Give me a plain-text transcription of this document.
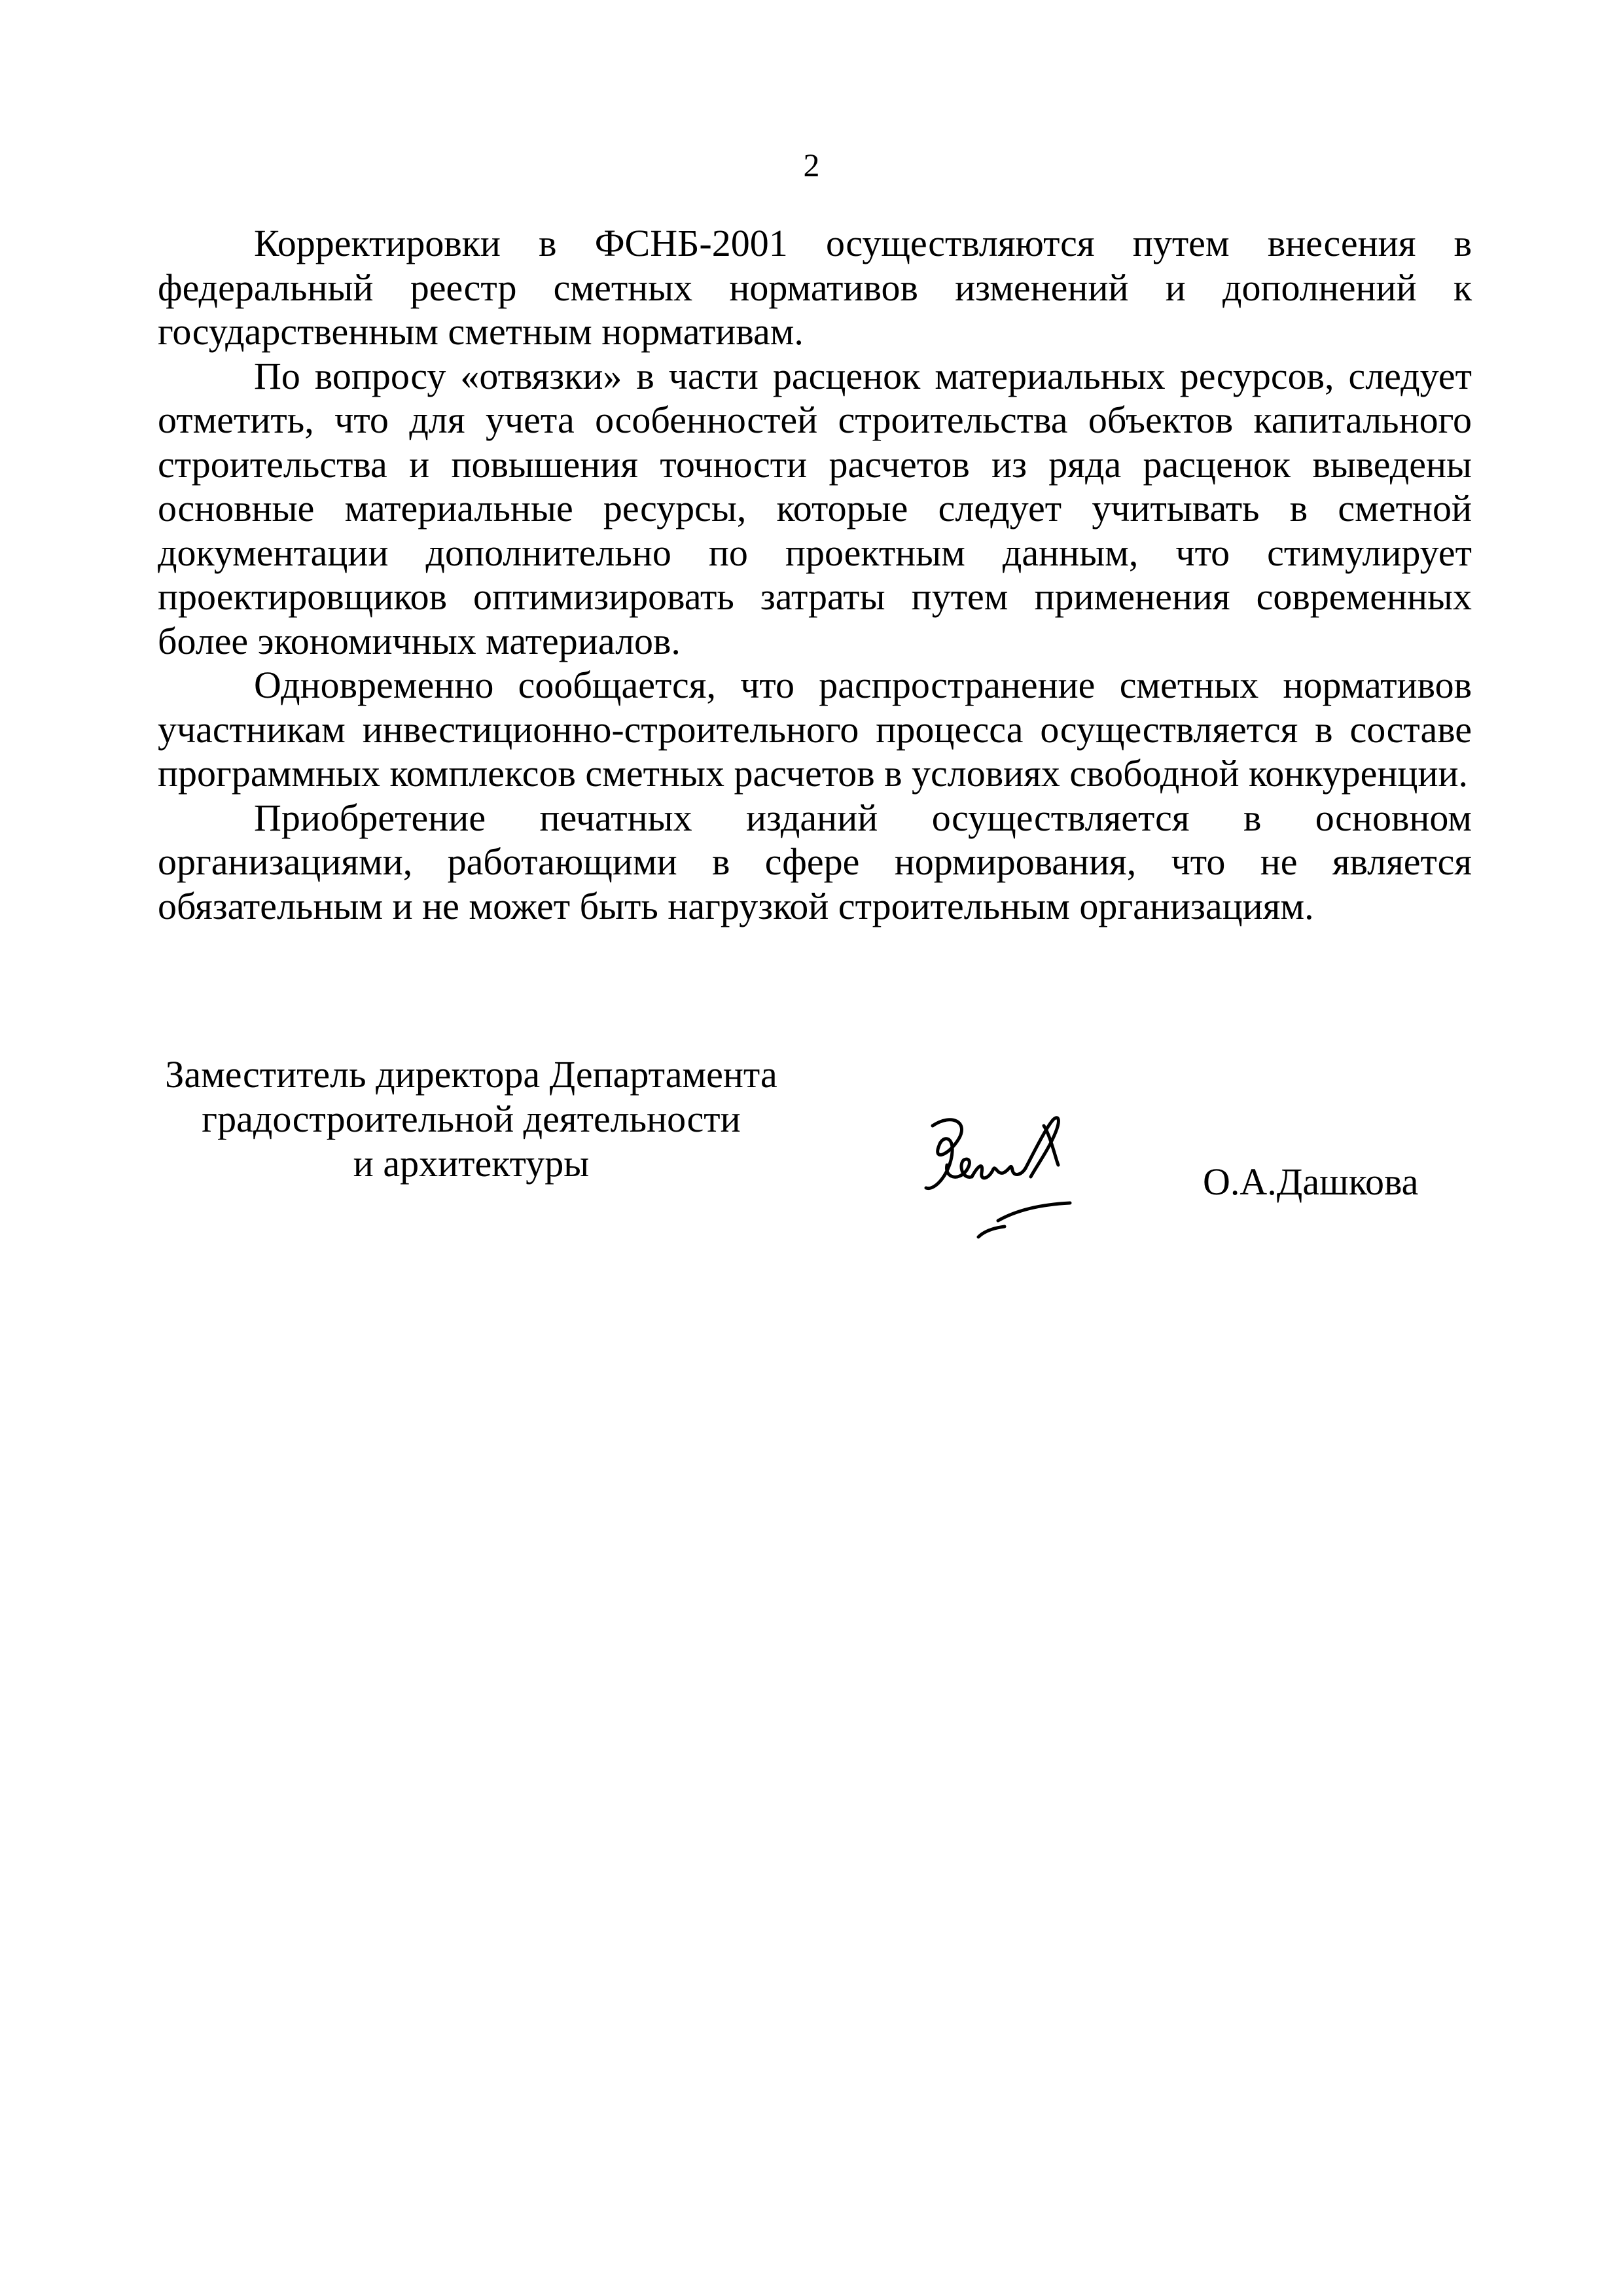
2

Корректировки в ФСНБ-2001 осуществляются путем внесения в федеральный реестр сметных нормативов изменений и дополнений к государственным сметным нормативам.

По вопросу «отвязки» в части расценок материальных ресурсов, следует отметить, что для учета особенностей строительства объектов капитального строительства и повышения точности расчетов из ряда расценок выведены основные материальные ресурсы, которые следует учитывать в сметной документации дополнительно по проектным данным, что стимулирует проектировщиков оптимизировать затраты путем применения современных более экономичных материалов.

Одновременно сообщается, что распространение сметных нормативов участникам инвестиционно-строительного процесса осуществляется в составе программных комплексов сметных расчетов в условиях свободной конкуренции.

Приобретение печатных изданий осуществляется в основном организациями, работающими в сфере нормирования, что не является обязательным и не может быть нагрузкой строительным организациям.

Заместитель директора Департамента
градостроительной деятельности
и архитектуры	О.А.Дашкова
